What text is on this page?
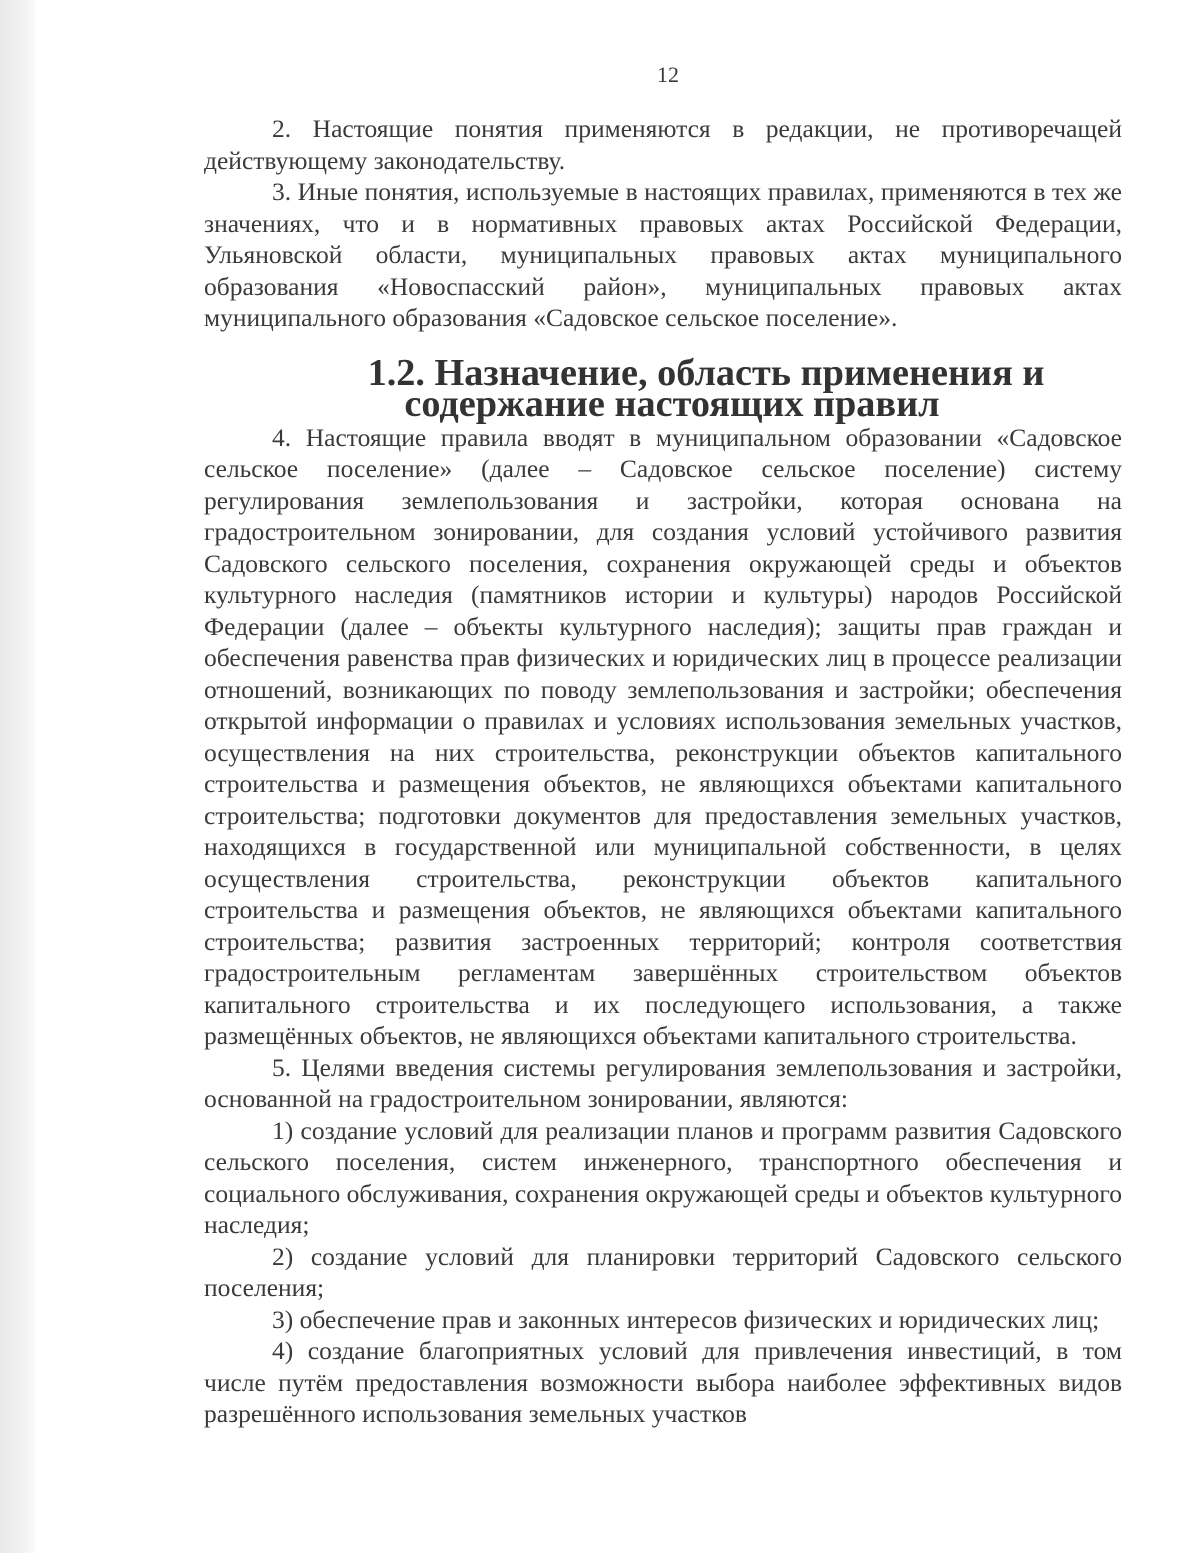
12

2. Настоящие понятия применяются в редакции, не противоречащей действующему законодательству.

3. Иные понятия, используемые в настоящих правилах, применяются в тех же значениях, что и в нормативных правовых актах Российской Федерации, Ульяновской области, муниципальных правовых актах муниципального образования «Новоспасский район», муниципальных правовых актах муниципального образования «Садовское сельское поселение».

1.2. Назначение, область применения и содержание настоящих правил

4. Настоящие правила вводят в муниципальном образовании «Садовское сельское поселение» (далее – Садовское сельское поселение) систему регулирования землепользования и застройки, которая основана на градостроительном зонировании, для создания условий устойчивого развития Садовского сельского поселения, сохранения окружающей среды и объектов культурного наследия (памятников истории и культуры) народов Российской Федерации (далее – объекты культурного наследия); защиты прав граждан и обеспечения равенства прав физических и юридических лиц в процессе реализации отношений, возникающих по поводу землепользования и застройки; обеспечения открытой информации о правилах и условиях использования земельных участков, осуществления на них строительства, реконструкции объектов капитального строительства и размещения объектов, не являющихся объектами капитального строительства; подготовки документов для предоставления земельных участков, находящихся в государственной или муниципальной собственности, в целях осуществления строительства, реконструкции объектов капитального строительства и размещения объектов, не являющихся объектами капитального строительства; развития застроенных территорий; контроля соответствия градостроительным регламентам завершённых строительством объектов капитального строительства и их последующего использования, а также размещённых объектов, не являющихся объектами капитального строительства.

5. Целями введения системы регулирования землепользования и застройки, основанной на градостроительном зонировании, являются:

1) создание условий для реализации планов и программ развития Садовского сельского поселения, систем инженерного, транспортного обеспечения и социального обслуживания, сохранения окружающей среды и объектов культурного наследия;

2) создание условий для планировки территорий Садовского сельского поселения;

3) обеспечение прав и законных интересов физических и юридических лиц;

4) создание благоприятных условий для привлечения инвестиций, в том числе путём предоставления возможности выбора наиболее эффективных видов разрешённого использования земельных участков
